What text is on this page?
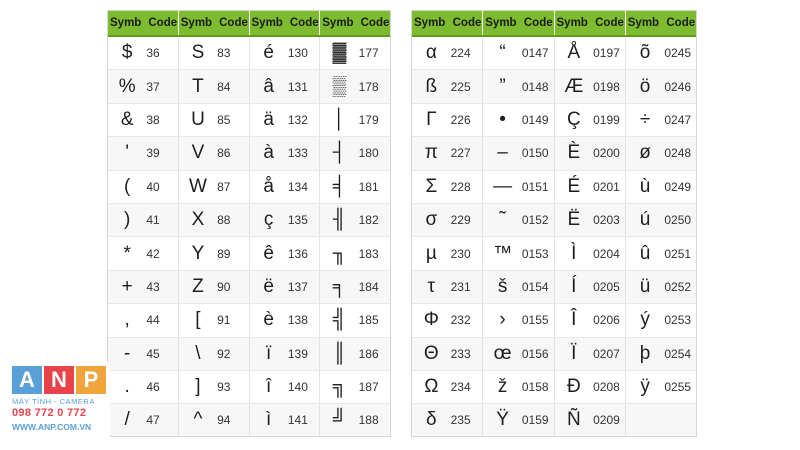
Symb Code Symb Code Symb Code Symb Code
$	36	S	83	é	130	▓	177
% 37	T	84	â	131	▒	178
&	38	U	85	ä	132	│	179
'	39	V	86	à	133	┤	180
(	40	W 87	å	134	╡	181
)	41	X	88	ç	135	╢	182
*	42	Y	89	ê	136	╖	183
+	43	Z	90	ë	137	╕	184
,	44	[	91	è	138	╣	185
-	45	\	92	ï	139	║	186
.	46	]	93	î	140	╗	187
/	47	^	94	ì	141	╝	188
Symb Code Symb Code Symb Code Symb Code
α	224	“	0147 Å	0197	õ	0245
ß	225	”	0148 Æ 0198	ö	0246
Γ	226	•	0149 Ç	0199	÷	0247
π	227	–	0150 È	0200	ø	0248
Σ	228	— 0151 É	0201	ù	0249
σ	229	˜	0152 Ë	0203	ú	0250
µ	230	™ 0153	Ì	0204	û	0251
τ	231	š	0154	Í	0205	ü	0252
Φ 232	›	0155	Î	0206	ý	0253
Θ 233	œ 0156	Ï	0207	þ	0254
Ω	234	ž	0158 Ð	0208	ÿ	0255
δ	235	Ÿ	0159 Ñ	0209
A N P
MÁY TÍNH - CAMERA
098 772 0 772
WWW.ANP.COM.VN
